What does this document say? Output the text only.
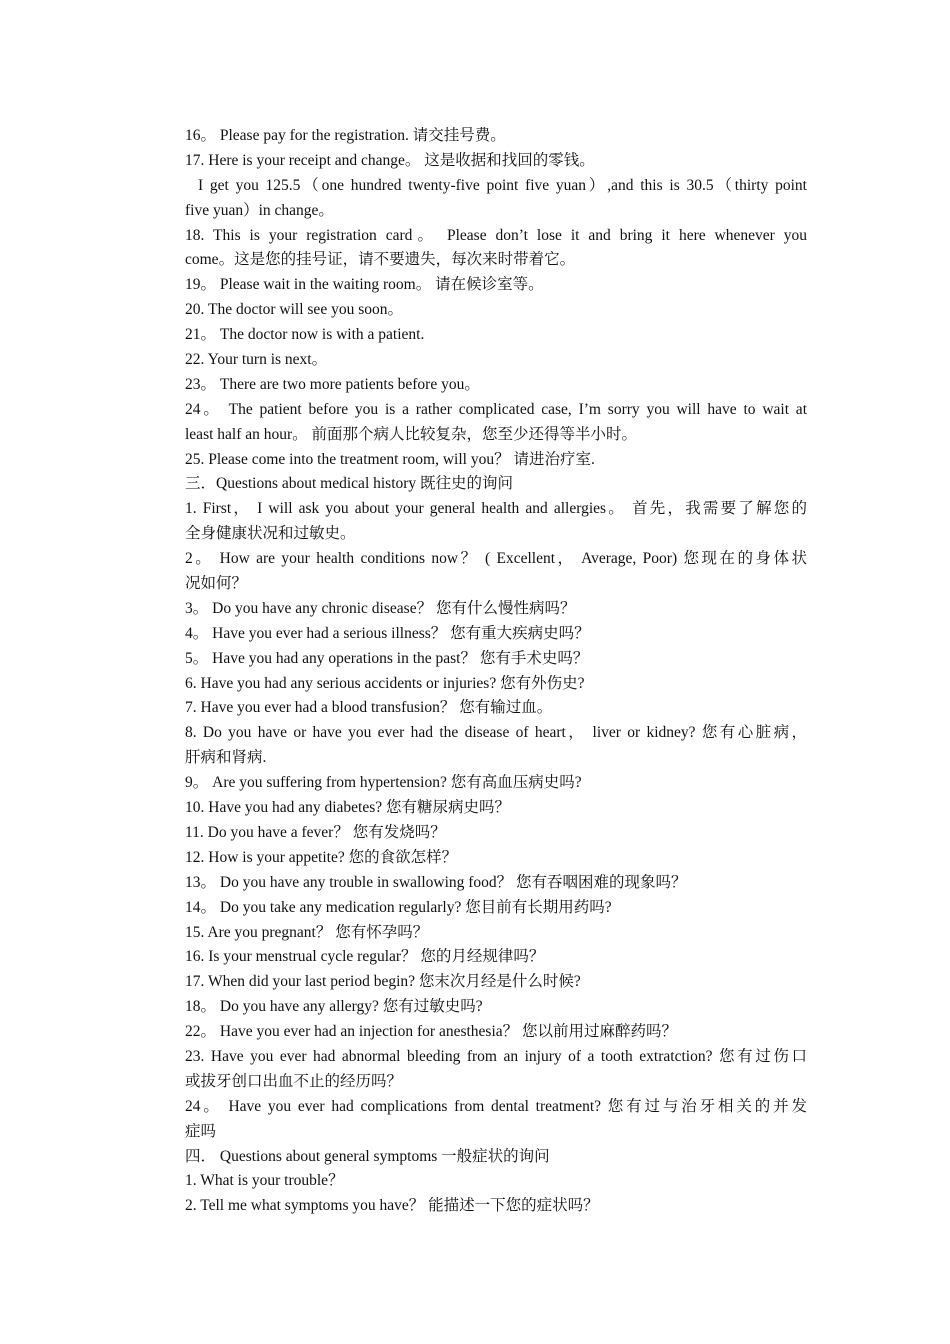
16。 Please pay for the registration. 请交挂号费。
17. Here is your receipt and change。 这是收据和找回的零钱。
I get you 125.5（one hundred twenty-five point five yuan）,and this is 30.5（thirty point
five yuan）in change。
18. This is your registration card。 Please don’t lose it and bring it here whenever you
come。这是您的挂号证，请不要遗失，每次来时带着它。
19。 Please wait in the waiting room。 请在候诊室等。
20. The doctor will see you soon。
21。 The doctor now is with a patient.
22. Your turn is next。
23。 There are two more patients before you。
24。 The patient before you is a rather complicated case, I’m sorry you will have to wait at
least half an hour。 前面那个病人比较复杂，您至少还得等半小时。
25. Please come into the treatment room, will you？ 请进治疗室.
三．Questions about medical history 既往史的询问
1. First， I will ask you about your general health and allergies。 首先，我需要了解您的
全身健康状况和过敏史。
2。 How are your health conditions now？ ( Excellent， Average, Poor) 您现在的身体状
况如何？
3。 Do you have any chronic disease？ 您有什么慢性病吗？
4。 Have you ever had a serious illness？ 您有重大疾病史吗？
5。 Have you had any operations in the past？ 您有手术史吗？
6. Have you had any serious accidents or injuries? 您有外伤史?
7. Have you ever had a blood transfusion？ 您有输过血。
8. Do you have or have you ever had the disease of heart， liver or kidney? 您有心脏病，
肝病和肾病.
9。 Are you suffering from hypertension? 您有高血压病史吗?
10. Have you had any diabetes? 您有糖尿病史吗？
11. Do you have a fever？ 您有发烧吗？
12. How is your appetite? 您的食欲怎样？
13。 Do you have any trouble in swallowing food？ 您有吞咽困难的现象吗？
14。 Do you take any medication regularly? 您目前有长期用药吗?
15. Are you pregnant？ 您有怀孕吗？
16. Is your menstrual cycle regular？ 您的月经规律吗？
17. When did your last period begin? 您末次月经是什么时候?
18。 Do you have any allergy? 您有过敏史吗?
22。 Have you ever had an injection for anesthesia？ 您以前用过麻醉药吗？
23. Have you ever had abnormal bleeding from an injury of a tooth extratction? 您有过伤口
或拔牙创口出血不止的经历吗？
24。 Have you ever had complications from dental treatment? 您有过与治牙相关的并发
症吗
四． Questions about general symptoms 一般症状的询问
1. What is your trouble？
2. Tell me what symptoms you have？ 能描述一下您的症状吗？
